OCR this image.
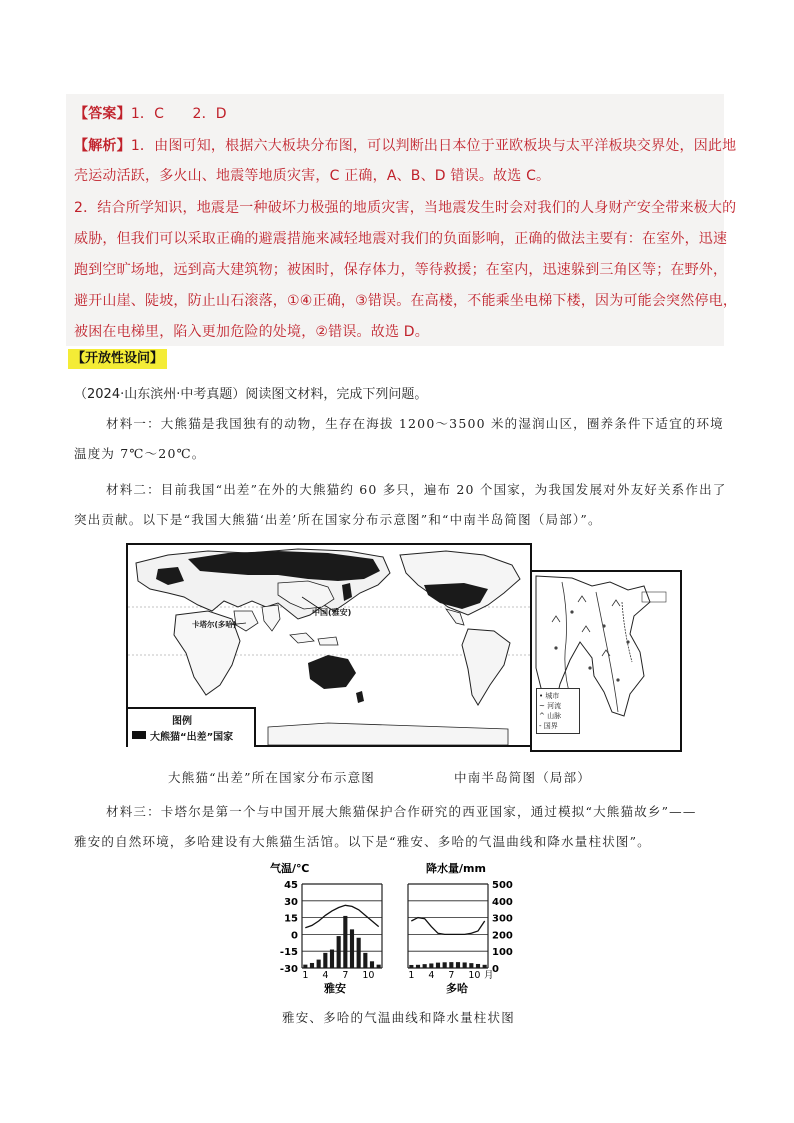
【答案】1．C　　2．D
【解析】1．由图可知，根据六大板块分布图，可以判断出日本位于亚欧板块与太平洋板块交界处，因此地
壳运动活跃，多火山、地震等地质灾害，C 正确，A、B、D 错误。故选 C。
2．结合所学知识，地震是一种破坏力极强的地质灾害，当地震发生时会对我们的人身财产安全带来极大的
威胁，但我们可以采取正确的避震措施来减轻地震对我们的负面影响，正确的做法主要有：在室外，迅速
跑到空旷场地，远到高大建筑物；被困时，保存体力，等待救援；在室内，迅速躲到三角区等；在野外，
避开山崖、陡坡，防止山石滚落，①④正确，③错误。在高楼，不能乘坐电梯下楼，因为可能会突然停电，
被困在电梯里，陷入更加危险的处境，②错误。故选 D。
【开放性设问】
（2024·山东滨州·中考真题）阅读图文材料，完成下列问题。
材料一：大熊猫是我国独有的动物，生存在海拔 1200～3500 米的湿润山区，圈养条件下适宜的环境
温度为 7℃～20℃。
材料二：目前我国“出差”在外的大熊猫约 60 多只，遍布 20 个国家，为我国发展对外友好关系作出了
突出贡献。以下是“我国大熊猫‘出差’所在国家分布示意图”和“中南半岛简图（局部）”。
中国(雅安)
卡塔尔(多哈)
图例
大熊猫“出差”国家
• 城市
~ 河流
^ 山脉
- 国界
大熊猫“出差”所在国家分布示意图	中南半岛简图（局部）
材料三：卡塔尔是第一个与中国开展大熊猫保护合作研究的西亚国家，通过模拟“大熊猫故乡”——
雅安的自然环境，多哈建设有大熊猫生活馆。以下是“雅安、多哈的气温曲线和降水量柱状图”。
气温/℃	降水量/mm
1 4 7 10	1 4 7 10 月
45
30
15
0
-15
-30
500
400
300
200
100
0
雅安	多哈
雅安、多哈的气温曲线和降水量柱状图
